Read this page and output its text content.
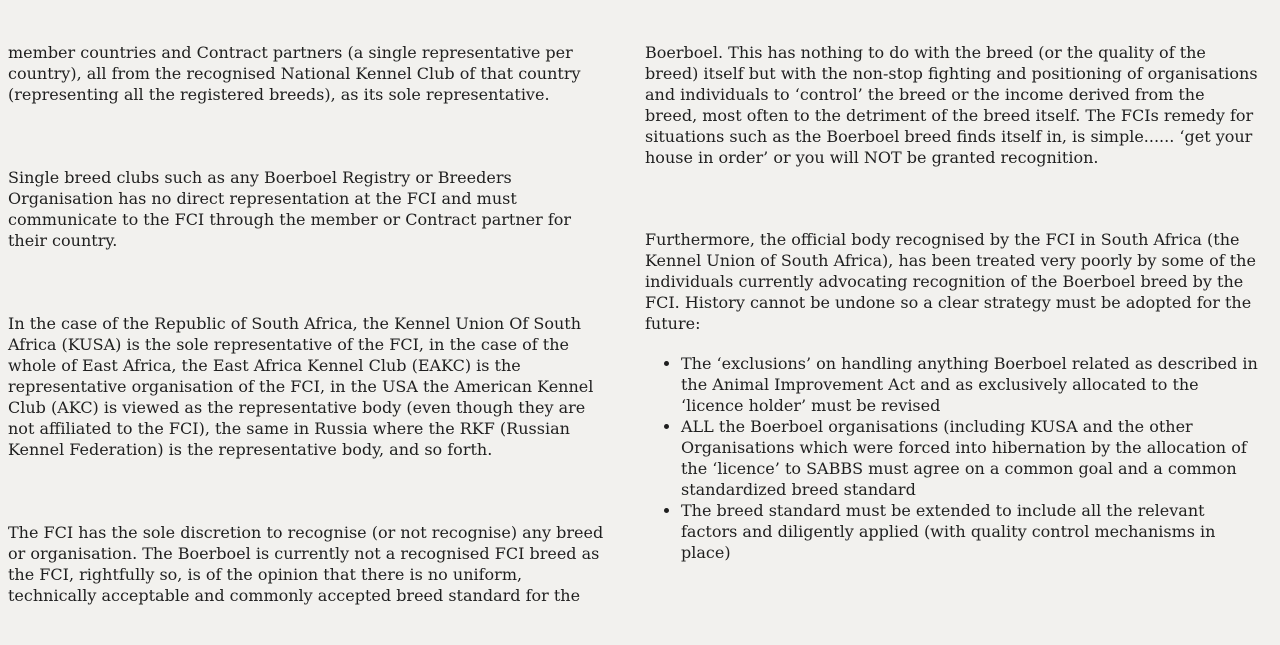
member countries and Contract partners (a single representative per country), all from the recognised National Kennel Club of that country (representing all the registered breeds), as its sole representative.

Single breed clubs such as any Boerboel Registry or Breeders Organisation has no direct representation at the FCI and must communicate to the FCI through the member or Contract partner for their country.

In the case of the Republic of South Africa, the Kennel Union Of South Africa (KUSA) is the sole representative of the FCI, in the case of the whole of East Africa, the East Africa Kennel Club (EAKC) is the representative organisation of the FCI, in the USA the American Kennel Club (AKC) is viewed as the representative body (even though they are not affiliated to the FCI), the same in Russia where the RKF (Russian Kennel Federation) is the representative body, and so forth.

The FCI has the sole discretion to recognise (or not recognise) any breed or organisation. The Boerboel is currently not a recognised FCI breed as the FCI, rightfully so, is of the opinion that there is no uniform, technically acceptable and commonly accepted breed standard for the

Boerboel. This has nothing to do with the breed (or the quality of the breed) itself but with the non-stop fighting and positioning of organisations and individuals to ‘control’ the breed or the income derived from the breed, most often to the detriment of the breed itself. The FCIs remedy for situations such as the Boerboel breed finds itself in, is simple...... ‘get your house in order’ or you will NOT be granted recognition.

Furthermore, the official body recognised by the FCI in South Africa (the Kennel Union of South Africa), has been treated very poorly by some of the individuals currently advocating recognition of the Boerboel breed by the FCI. History cannot be undone so a clear strategy must be adopted for the future:

• The ‘exclusions’ on handling anything Boerboel related as described in the Animal Improvement Act and as exclusively allocated to the ‘licence holder’ must be revised
• ALL the Boerboel organisations (including KUSA and the other Organisations which were forced into hibernation by the allocation of the ‘licence’ to SABBS must agree on a common goal and a common standardized breed standard
• The breed standard must be extended to include all the relevant factors and diligently applied (with quality control mechanisms in place)
